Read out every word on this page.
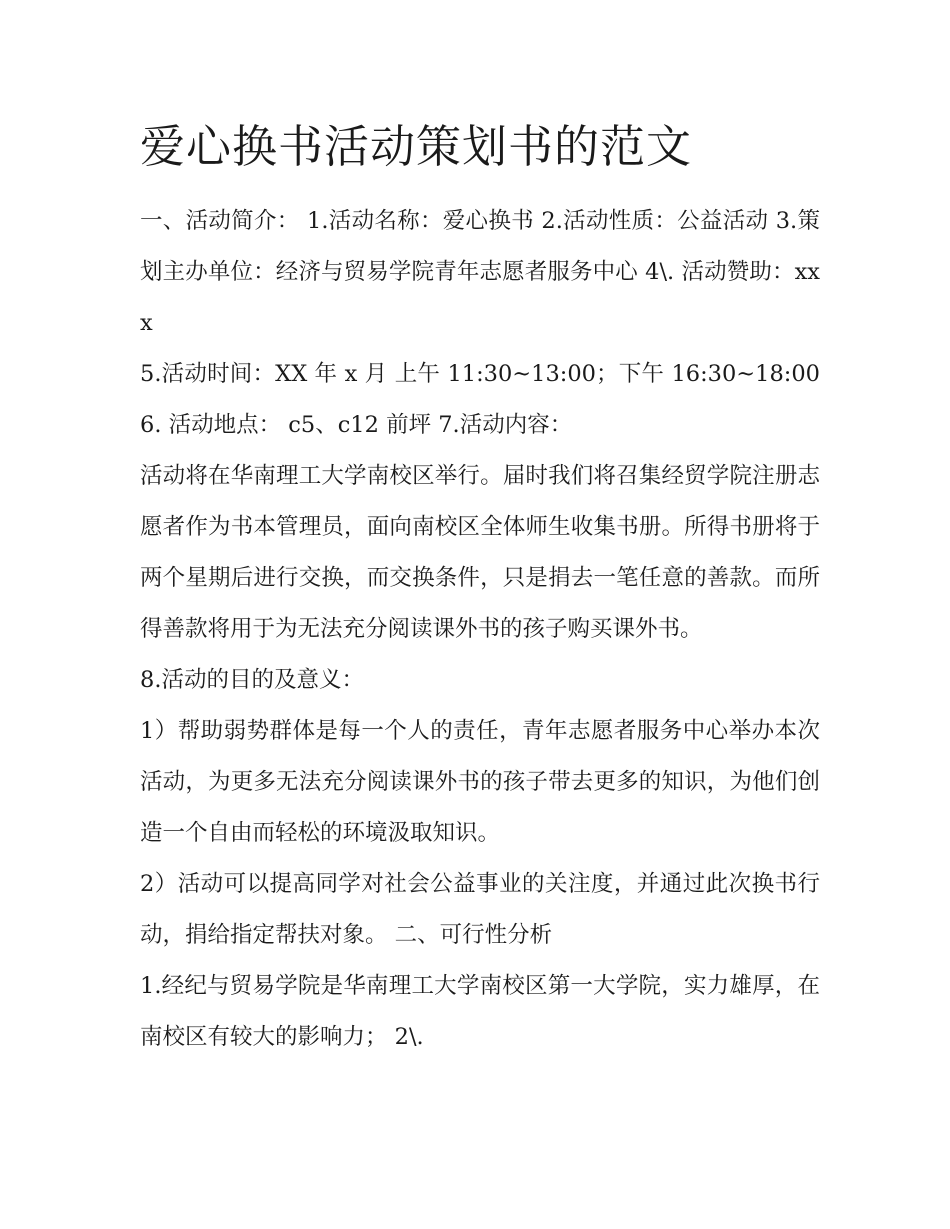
爱心换书活动策划书的范文

一、活动简介： 1.活动名称：爱心换书 2.活动性质：公益活动 3.策划主办单位：经济与贸易学院青年志愿者服务中心 4\. 活动赞助：xxx

5.活动时间：XX 年 x 月 上午 11:30~13:00；下午 16:30~18:00 6. 活动地点： c5、c12 前坪 7.活动内容：

活动将在华南理工大学南校区举行。届时我们将召集经贸学院注册志愿者作为书本管理员，面向南校区全体师生收集书册。所得书册将于两个星期后进行交换，而交换条件，只是捐去一笔任意的善款。而所得善款将用于为无法充分阅读课外书的孩子购买课外书。

8.活动的目的及意义：

1）帮助弱势群体是每一个人的责任，青年志愿者服务中心举办本次活动，为更多无法充分阅读课外书的孩子带去更多的知识，为他们创造一个自由而轻松的环境汲取知识。

2）活动可以提高同学对社会公益事业的关注度，并通过此次换书行动，捐给指定帮扶对象。 二、可行性分析

1.经纪与贸易学院是华南理工大学南校区第一大学院，实力雄厚，在南校区有较大的影响力； 2\.
